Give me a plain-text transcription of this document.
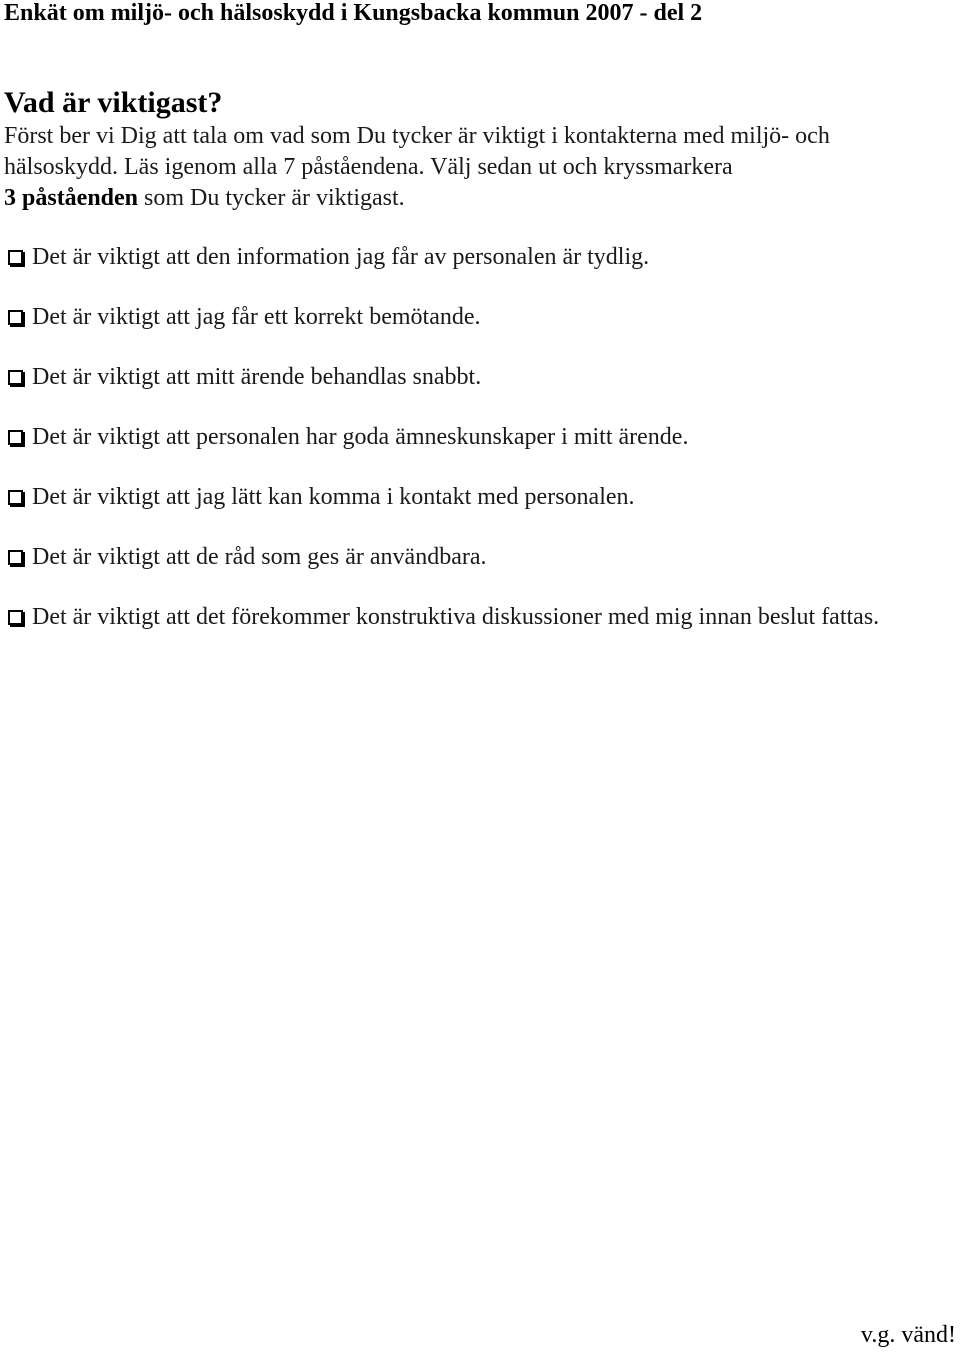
Enkät om miljö- och hälsoskydd i Kungsbacka kommun 2007 - del 2
Vad är viktigast?
Först ber vi Dig att tala om vad som Du tycker är viktigt i kontakterna med miljö- och
hälsoskydd. Läs igenom alla 7 påståendena. Välj sedan ut och kryssmarkera
3 påståenden som Du tycker är viktigast.
Det är viktigt att den information jag får av personalen är tydlig.
Det är viktigt att jag får ett korrekt bemötande.
Det är viktigt att mitt ärende behandlas snabbt.
Det är viktigt att personalen har goda ämneskunskaper i mitt ärende.
Det är viktigt att jag lätt kan komma i kontakt med personalen.
Det är viktigt att de råd som ges är användbara.
Det är viktigt att det förekommer konstruktiva diskussioner med mig innan beslut fattas.
v.g. vänd!
